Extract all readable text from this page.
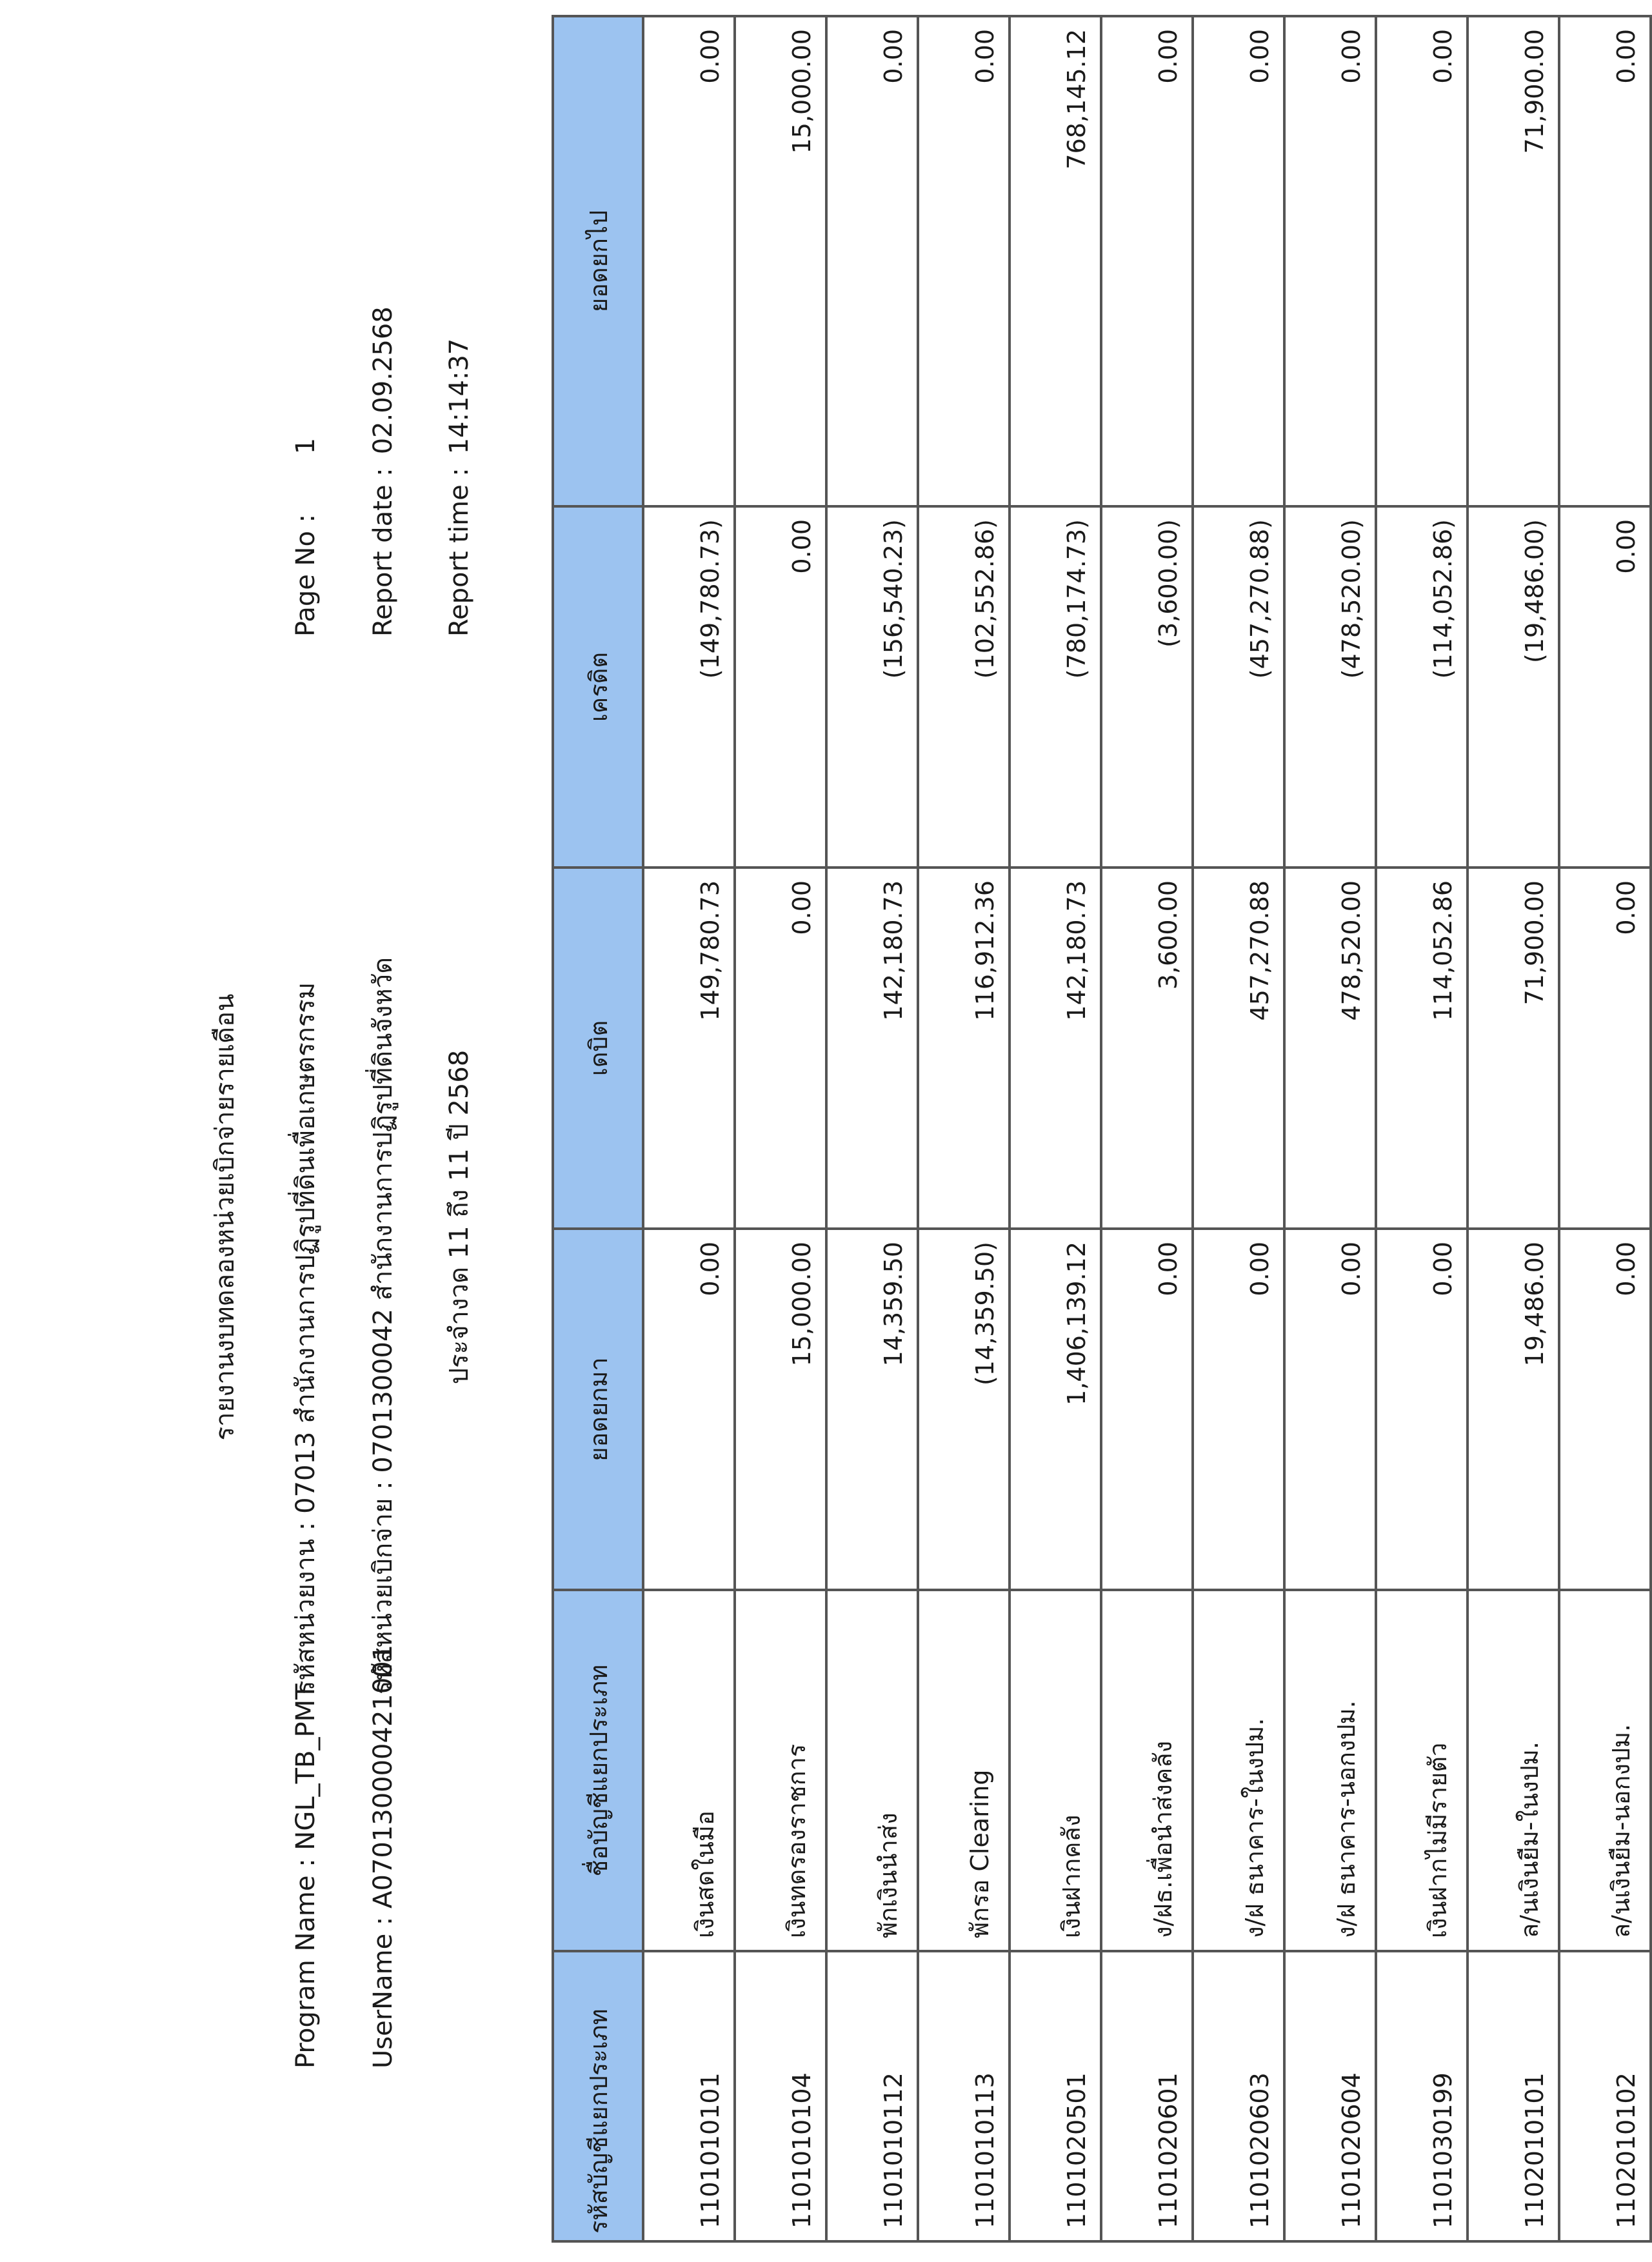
รายงานงบทดลองหน่วยเบิกจ่ายรายเดือน
Program Name : NGL_TB_PMT
UserName : A070130000421001
รหัสหน่วยงาน : 07013 สำนักงานการปฏิรูปที่ดินเพื่อเกษตรกรรม รหัสหน่วยเบิกจ่าย : 0701300042 สำนักงานการปฏิรูปที่ดินจังหวัด ประจำงวด 11 ถึง 11 ปี 2568
Page No : 1
Report date : 02.09.2568
Report time : 14:14:37
รหัสบัญชีแยกประเภท	ชื่อบัญชีแยกประเภท	ยอดยกมา	เดบิต	เครดิต	ยอดยกไป
1101010101	เงินสดในมือ	0.00	149,780.73	(149,780.73)	0.00
1101010104	เงินทดรองราชการ	15,000.00	0.00	0.00	15,000.00
1101010112	พักเงินนำส่ง	14,359.50	142,180.73	(156,540.23)	0.00
1101010113	พักรอ Clearing	(14,359.50)	116,912.36	(102,552.86)	0.00
1101020501	เงินฝากคลัง	1,406,139.12	142,180.73	(780,174.73)	768,145.12
1101020601	ง/ฝธ.เพื่อนำส่งคลัง	0.00	3,600.00	(3,600.00)	0.00
1101020603	ง/ฝ ธนาคาร-ในงปม.	0.00	457,270.88	(457,270.88)	0.00
1101020604	ง/ฝ ธนาคาร-นอกงปม.	0.00	478,520.00	(478,520.00)	0.00
1101030199	เงินฝากไม่มีรายตัว	0.00	114,052.86	(114,052.86)	0.00
1102010101	ล/นเงินยืม-ในงปม.	19,486.00	71,900.00	(19,486.00)	71,900.00
1102010102	ล/นเงินยืม-นอกงปม.	0.00	0.00	0.00	0.00
